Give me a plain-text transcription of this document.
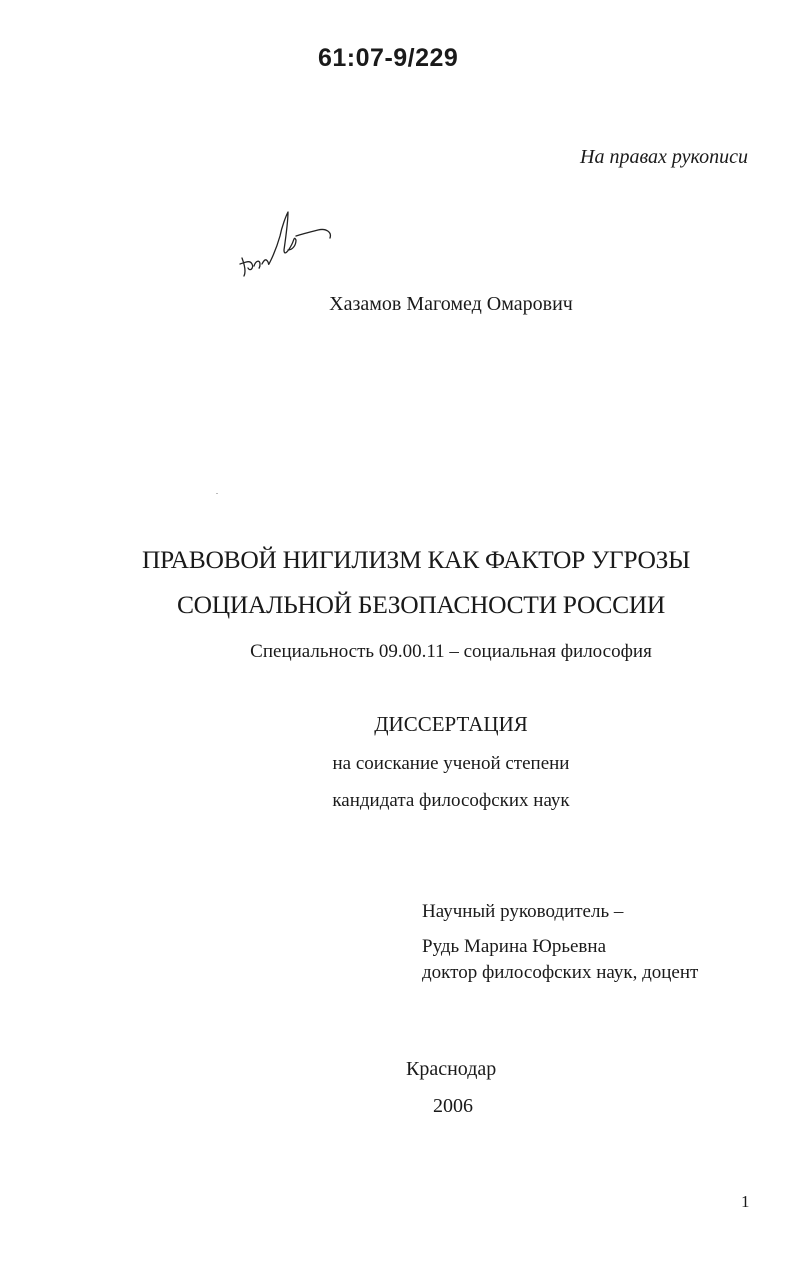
61:07-9/229
На правах рукописи
Хазамов Магомед Омарович
ПРАВОВОЙ НИГИЛИЗМ КАК ФАКТОР УГРОЗЫ
СОЦИАЛЬНОЙ БЕЗОПАСНОСТИ РОССИИ
Специальность 09.00.11 – социальная философия
ДИССЕРТАЦИЯ
на соискание ученой степени
кандидата философских наук
Научный руководитель –
Рудь Марина Юрьевна
доктор философских наук, доцент
Краснодар
2006
1
